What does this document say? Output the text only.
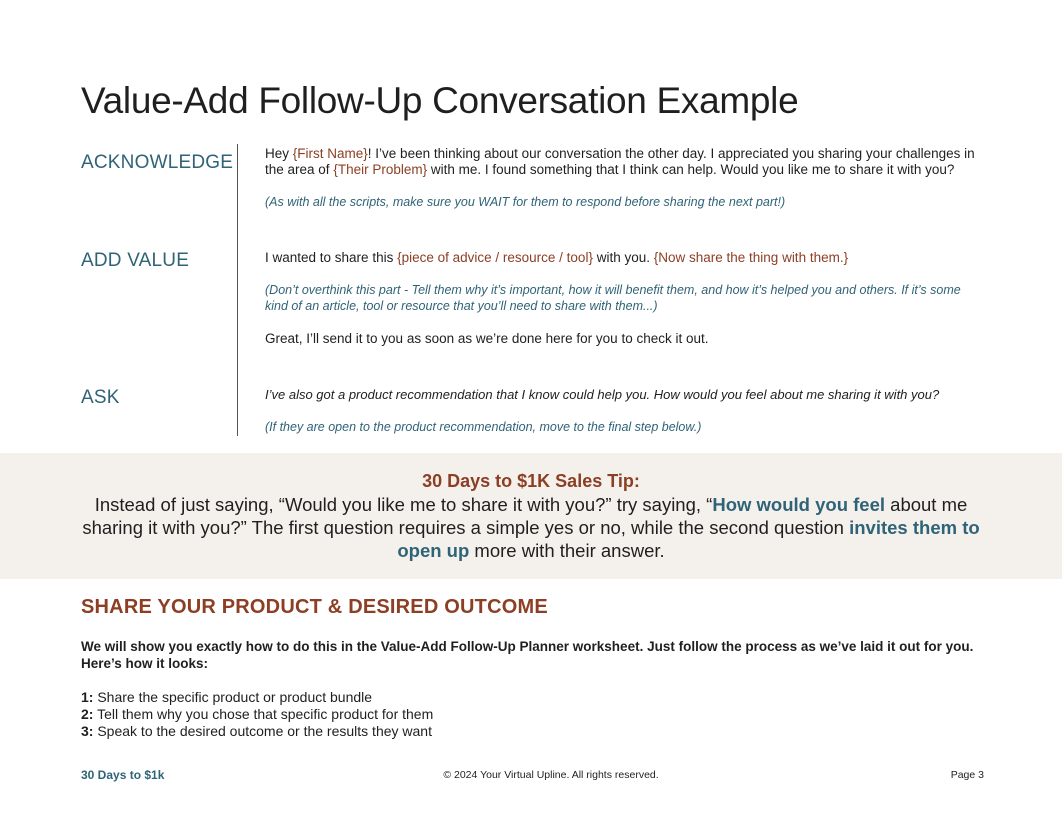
Value-Add Follow-Up Conversation Example
ACKNOWLEDGE Hey {First Name}! I’ve been thinking about our conversation the other day. I appreciated you sharing your challenges in the area of {Their Problem} with me. I found something that I think can help. Would you like me to share it with you?
(As with all the scripts, make sure you WAIT for them to respond before sharing the next part!)
ADD VALUE	I wanted to share this {piece of advice / resource / tool} with you. {Now share the thing with them.}
(Don’t overthink this part - Tell them why it’s important, how it will benefit them, and how it’s helped you and others. If it’s some kind of an article, tool or resource that you’ll need to share with them...)
Great, I’ll send it to you as soon as we’re done here for you to check it out.
ASK	I’ve also got a product recommendation that I know could help you. How would you feel about me sharing it with you?
(If they are open to the product recommendation, move to the final step below.)
30 Days to $1K Sales Tip:
Instead of just saying, “Would you like me to share it with you?” try saying, “How would you feel about me sharing it with you?” The first question requires a simple yes or no, while the second question invites them to open up more with their answer.
SHARE YOUR PRODUCT & DESIRED OUTCOME
We will show you exactly how to do this in the Value-Add Follow-Up Planner worksheet. Just follow the process as we’ve laid it out for you. Here’s how it looks:
1: Share the specific product or product bundle
2: Tell them why you chose that specific product for them
3: Speak to the desired outcome or the results they want
30 Days to $1k	© 2024 Your Virtual Upline. All rights reserved.	Page 3
